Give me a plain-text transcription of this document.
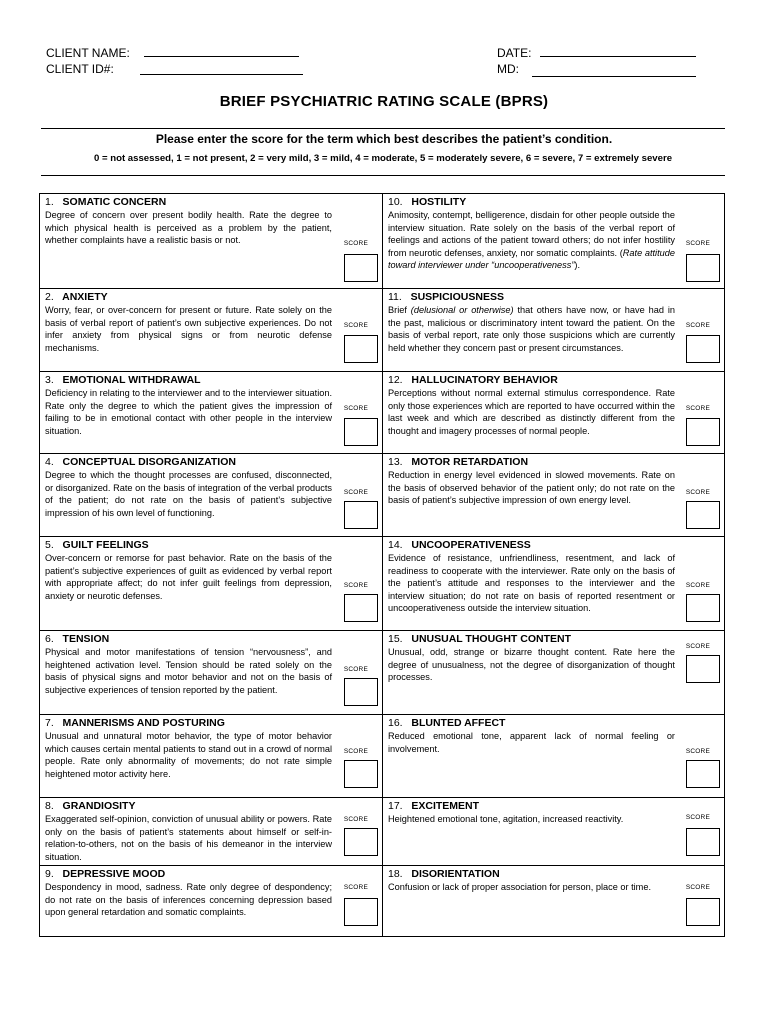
CLIENT NAME:
CLIENT ID#:
DATE:
MD:
BRIEF PSYCHIATRIC RATING SCALE (BPRS)
Please enter the score for the term which best describes the patient’s condition.
0 = not assessed, 1 = not present, 2 = very mild, 3 = mild, 4 = moderate, 5 = moderately severe, 6 = severe, 7 = extremely severe
1. SOMATIC CONCERN
Degree of concern over present bodily health. Rate the degree to which physical health is perceived as a problem by the patient, whether complaints have a realistic basis or not.	SCORE
2. ANXIETY
Worry, fear, or over-concern for present or future. Rate solely on the basis of verbal report of patient’s own subjective experiences. Do not infer anxiety from physical signs or from neurotic defense mechanisms.
SCORE
3. EMOTIONAL WITHDRAWAL
Deficiency in relating to the interviewer and to the interviewer situation. Rate only the degree to which the patient gives the impression of failing to be in emotional contact with other people in the interview situation.
SCORE
4. CONCEPTUAL DISORGANIZATION
Degree to which the thought processes are confused, disconnected, or disorganized. Rate on the basis of integration of the verbal products of the patient; do not rate on the basis of patient’s subjective impression of his own level of functioning.
SCORE
5. GUILT FEELINGS
Over-concern or remorse for past behavior. Rate on the basis of the patient’s subjective experiences of guilt as evidenced by verbal report with appropriate affect; do not infer guilt feelings from depression, anxiety or neurotic defenses.
SCORE
6. TENSION
Physical and motor manifestations of tension “nervousness”, and heightened activation level. Tension should be rated solely on the basis of physical signs and motor behavior and not on the basis of subjective experiences of tension reported by the patient.
SCORE
7. MANNERISMS AND POSTURING
Unusual and unnatural motor behavior, the type of motor behavior which causes certain mental patients to stand out in a crowd of normal people. Rate only abnormality of movements; do not rate simple heightened motor activity here.
SCORE
8. GRANDIOSITY
Exaggerated self-opinion, conviction of unusual ability or powers. Rate only on the basis of patient’s statements about himself or self-in-relation-to-others, not on the basis of his demeanor in the interview situation.
SCORE
9. DEPRESSIVE MOOD
Despondency in mood, sadness. Rate only degree of despondency; do not rate on the basis of inferences concerning depression based upon general retardation and somatic complaints.
SCORE
10. HOSTILITY
Animosity, contempt, belligerence, disdain for other people outside the interview situation. Rate solely on the basis of the verbal report of feelings and actions of the patient toward others; do not infer hostility from neurotic defenses, anxiety, nor somatic complaints. (Rate attitude toward interviewer under “uncooperativeness”).
SCORE
11. SUSPICIOUSNESS
Brief (delusional or otherwise) that others have now, or have had in the past, malicious or discriminatory intent toward the patient. On the basis of verbal report, rate only those suspicions which are currently held whether they concern past or present circumstances.
SCORE
12. HALLUCINATORY BEHAVIOR
Perceptions without normal external stimulus correspondence. Rate only those experiences which are reported to have occurred within the last week and which are described as distinctly different from the thought and imagery processes of normal people.
SCORE
13. MOTOR RETARDATION
Reduction in energy level evidenced in slowed movements. Rate on the basis of observed behavior of the patient only; do not rate on the basis of patient’s subjective impression of own energy level.
SCORE
14. UNCOOPERATIVENESS
Evidence of resistance, unfriendliness, resentment, and lack of readiness to cooperate with the interviewer. Rate only on the basis of the patient’s attitude and responses to the interviewer and the interview situation; do not rate on basis of reported resentment or uncooperativeness outside the interview situation.
SCORE
15. UNUSUAL THOUGHT CONTENT
Unusual, odd, strange or bizarre thought content. Rate here the degree of unusualness, not the degree of disorganization of thought processes.
SCORE
16. BLUNTED AFFECT
Reduced emotional tone, apparent lack of normal feeling or involvement.	SCORE
17. EXCITEMENT
Heightened emotional tone, agitation, increased reactivity.	SCORE
18. DISORIENTATION
Confusion or lack of proper association for person, place or time.	SCORE
